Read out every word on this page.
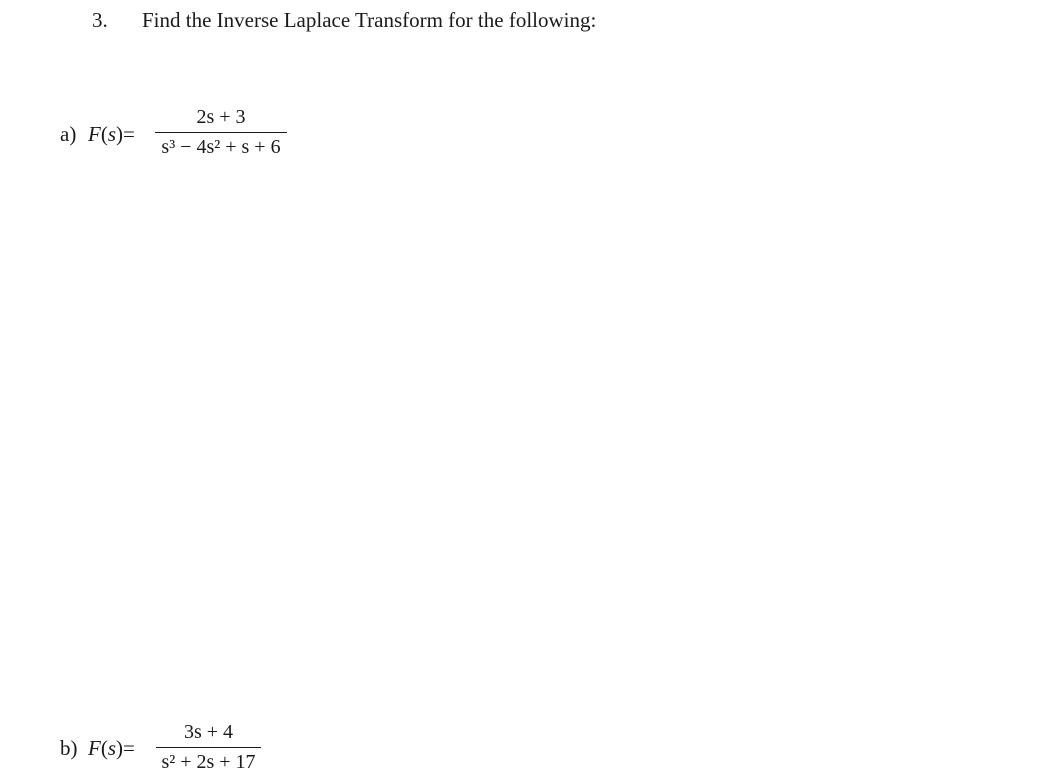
3. Find the Inverse Laplace Transform for the following:
a) F(s)=
2s + 3
s³ − 4s² + s + 6
b) F(s)=
3s + 4
s² + 2s + 17
